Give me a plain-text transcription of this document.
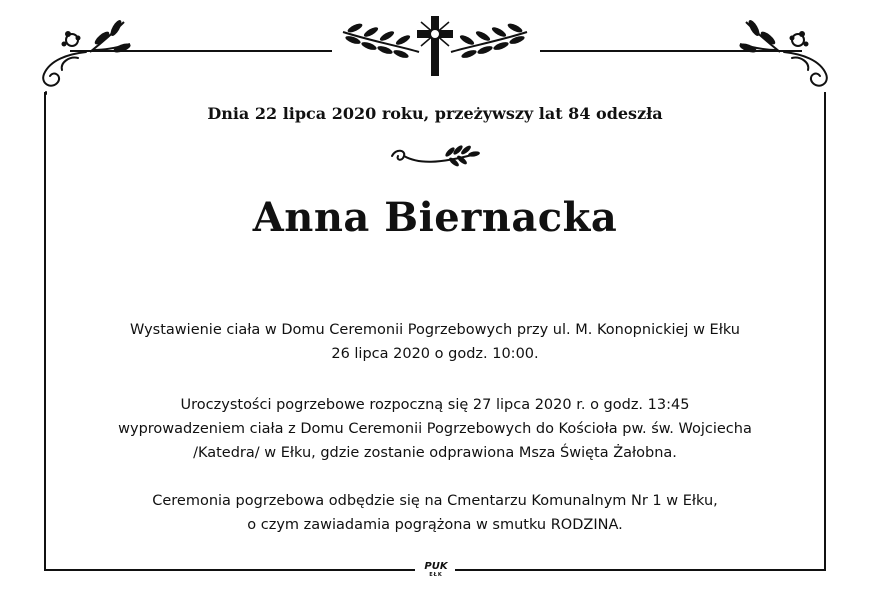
Dnia 22 lipca 2020 roku, przeżywszy lat 84 odeszła
Anna Biernacka
Wystawienie ciała w Domu Ceremonii Pogrzebowych przy ul. M. Konopnickiej w Ełku
26 lipca 2020 o godz. 10:00.
Uroczystości pogrzebowe rozpoczną się 27 lipca 2020 r. o godz. 13:45
wyprowadzeniem ciała z Domu Ceremonii Pogrzebowych do Kościoła pw. św. Wojciecha
/Katedra/ w Ełku, gdzie zostanie odprawiona Msza Święta Żałobna.
Ceremonia pogrzebowa odbędzie się na Cmentarzu Komunalnym Nr 1 w Ełku,
o czym zawiadamia pogrążona w smutku RODZINA.
PUK
EŁK
